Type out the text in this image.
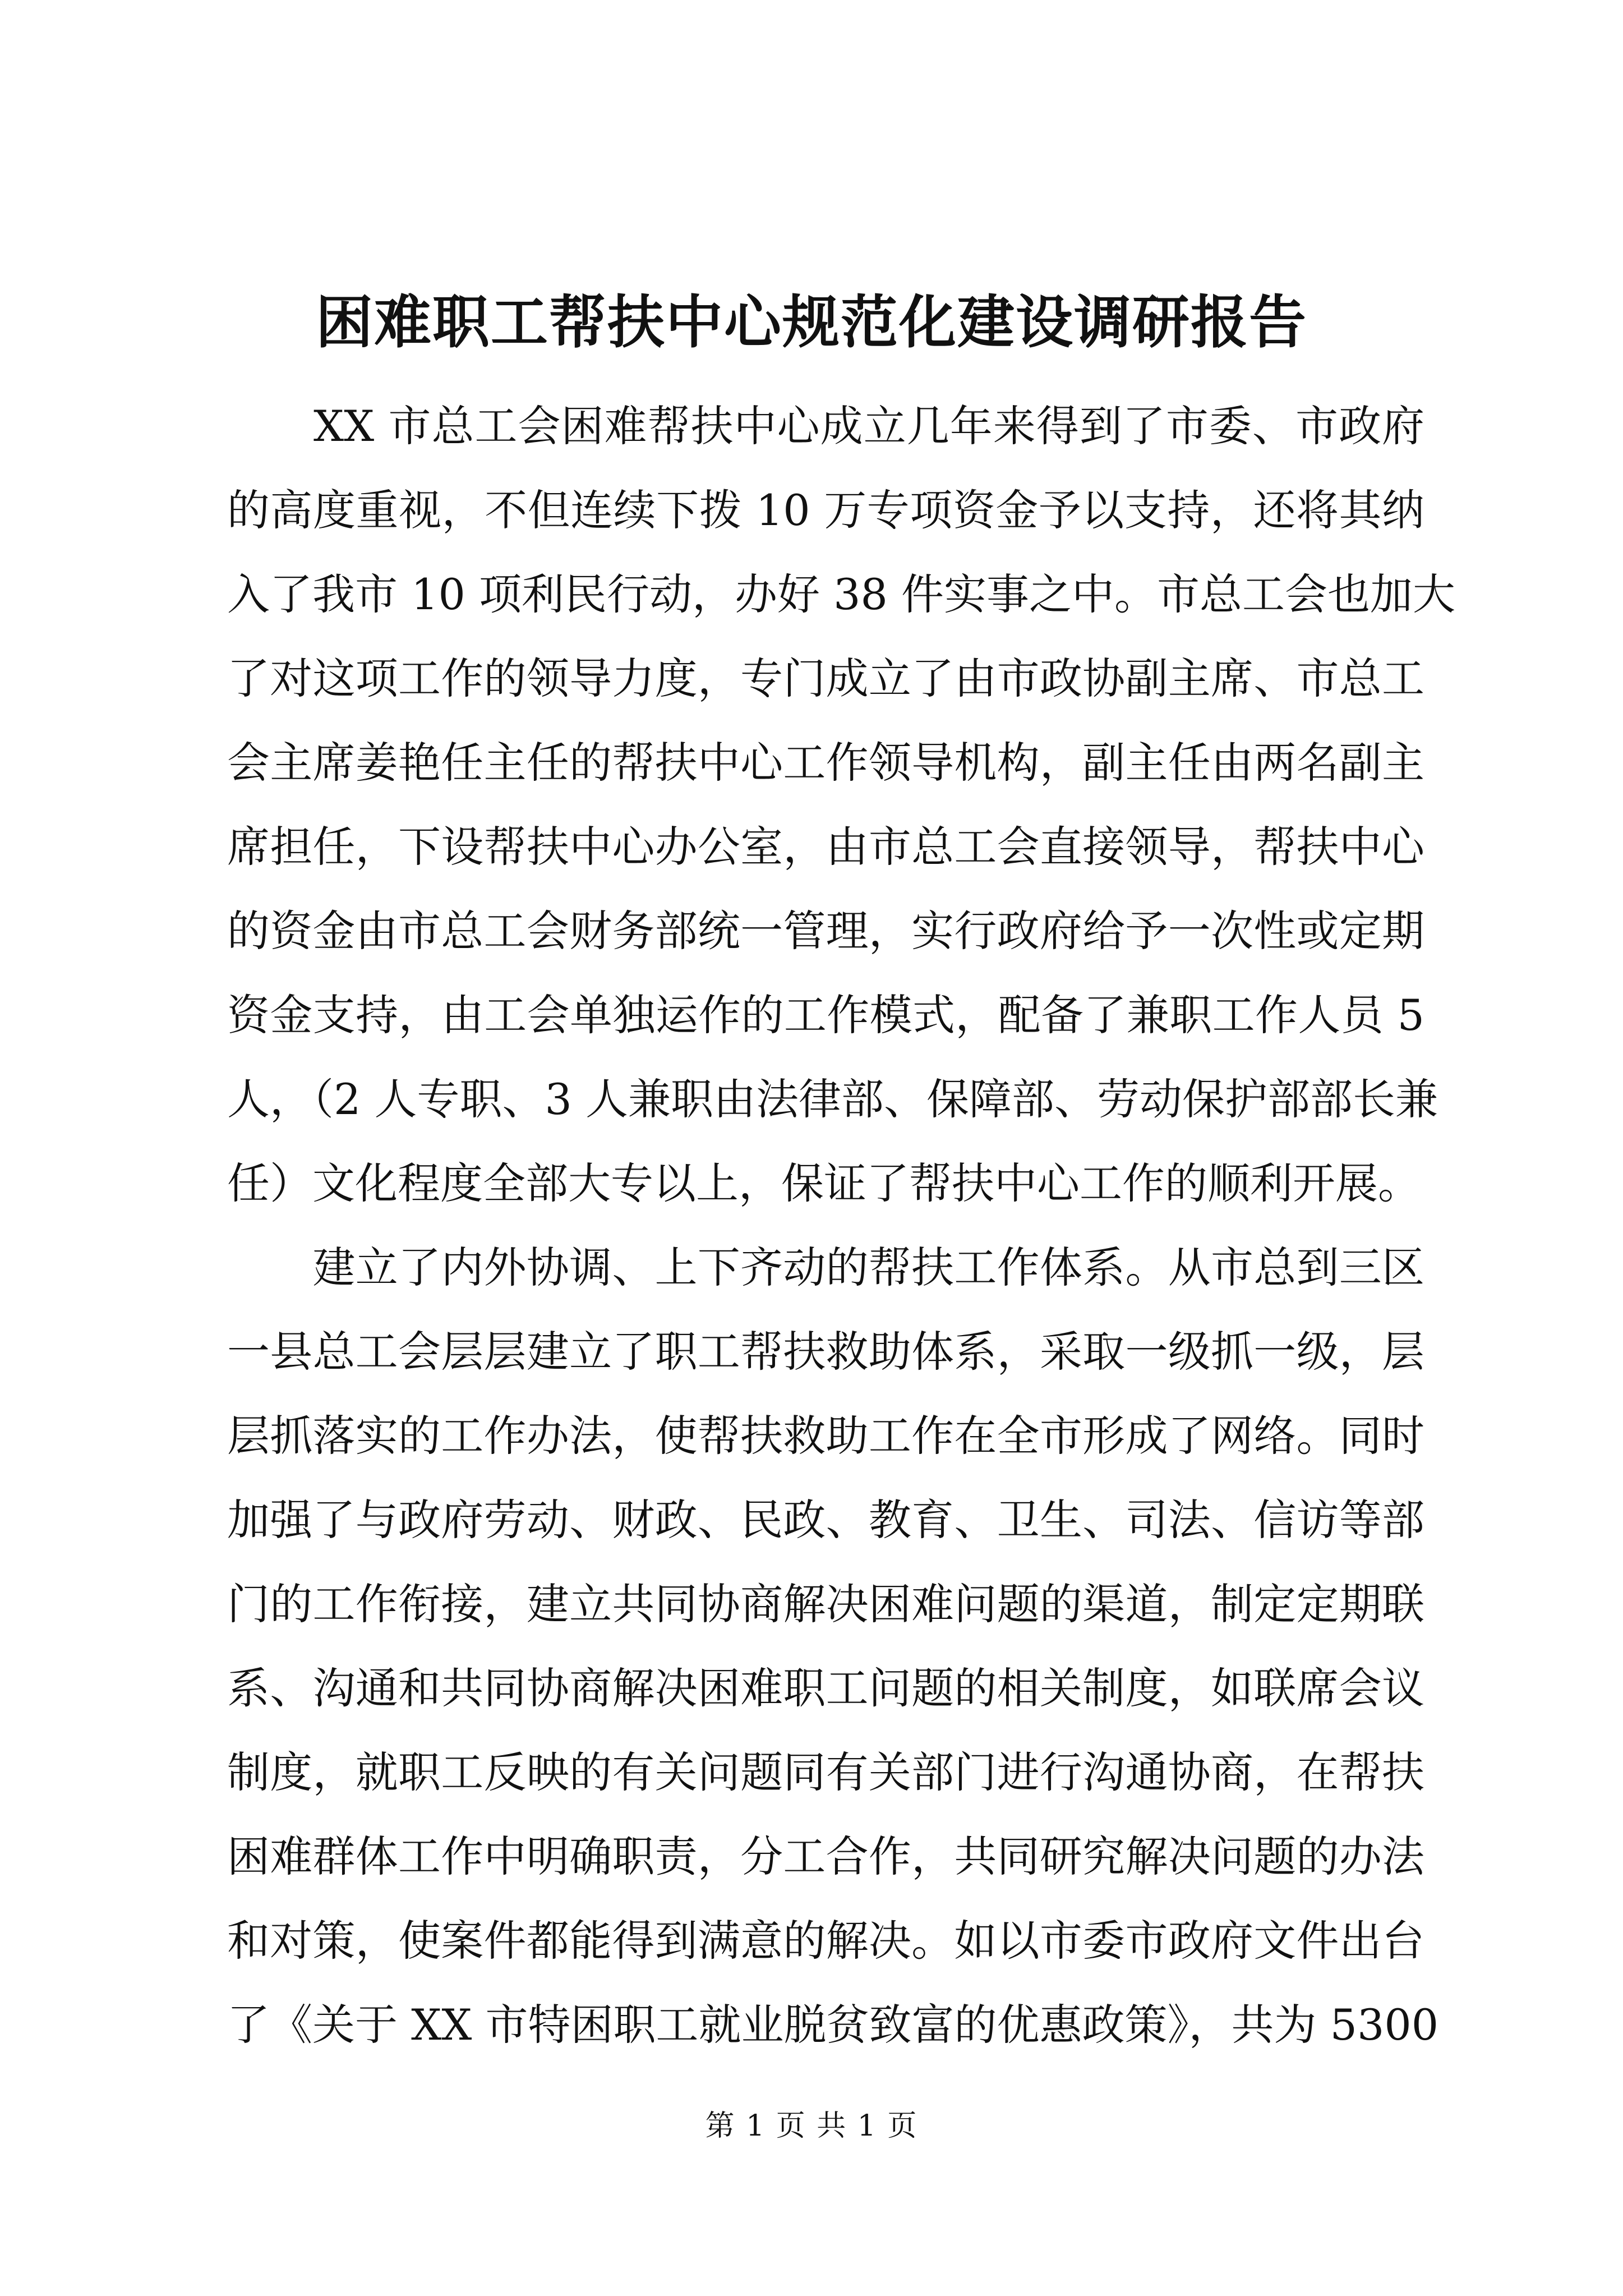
困难职工帮扶中心规范化建设调研报告
　　XX 市总工会困难帮扶中心成立几年来得到了市委、市政府
的高度重视，不但连续下拨 10 万专项资金予以支持，还将其纳
入了我市 10 项利民行动，办好 38 件实事之中。市总工会也加大
了对这项工作的领导力度，专门成立了由市政协副主席、市总工
会主席姜艳任主任的帮扶中心工作领导机构，副主任由两名副主
席担任，下设帮扶中心办公室，由市总工会直接领导，帮扶中心
的资金由市总工会财务部统一管理，实行政府给予一次性或定期
资金支持，由工会单独运作的工作模式，配备了兼职工作人员 5
人，（2 人专职、3 人兼职由法律部、保障部、劳动保护部部长兼
任）文化程度全部大专以上，保证了帮扶中心工作的顺利开展。
　　建立了内外协调、上下齐动的帮扶工作体系。从市总到三区
一县总工会层层建立了职工帮扶救助体系，采取一级抓一级，层
层抓落实的工作办法，使帮扶救助工作在全市形成了网络。同时
加强了与政府劳动、财政、民政、教育、卫生、司法、信访等部
门的工作衔接，建立共同协商解决困难问题的渠道，制定定期联
系、沟通和共同协商解决困难职工问题的相关制度，如联席会议
制度，就职工反映的有关问题同有关部门进行沟通协商，在帮扶
困难群体工作中明确职责，分工合作，共同研究解决问题的办法
和对策，使案件都能得到满意的解决。如以市委市政府文件出台
了《关于 XX 市特困职工就业脱贫致富的优惠政策》，共为 5300
第 1 页 共 1 页
